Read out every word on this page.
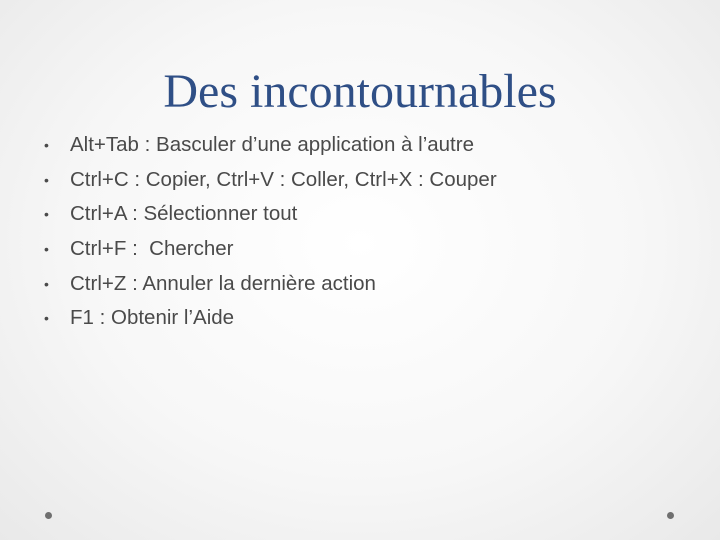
Des incontournables
•	Alt+Tab : Basculer d’une application à l’autre
•	Ctrl+C : Copier, Ctrl+V : Coller, Ctrl+X : Couper
•	Ctrl+A : Sélectionner tout
•	Ctrl+F :  Chercher
•	Ctrl+Z : Annuler la dernière action
•	F1 : Obtenir l’Aide
